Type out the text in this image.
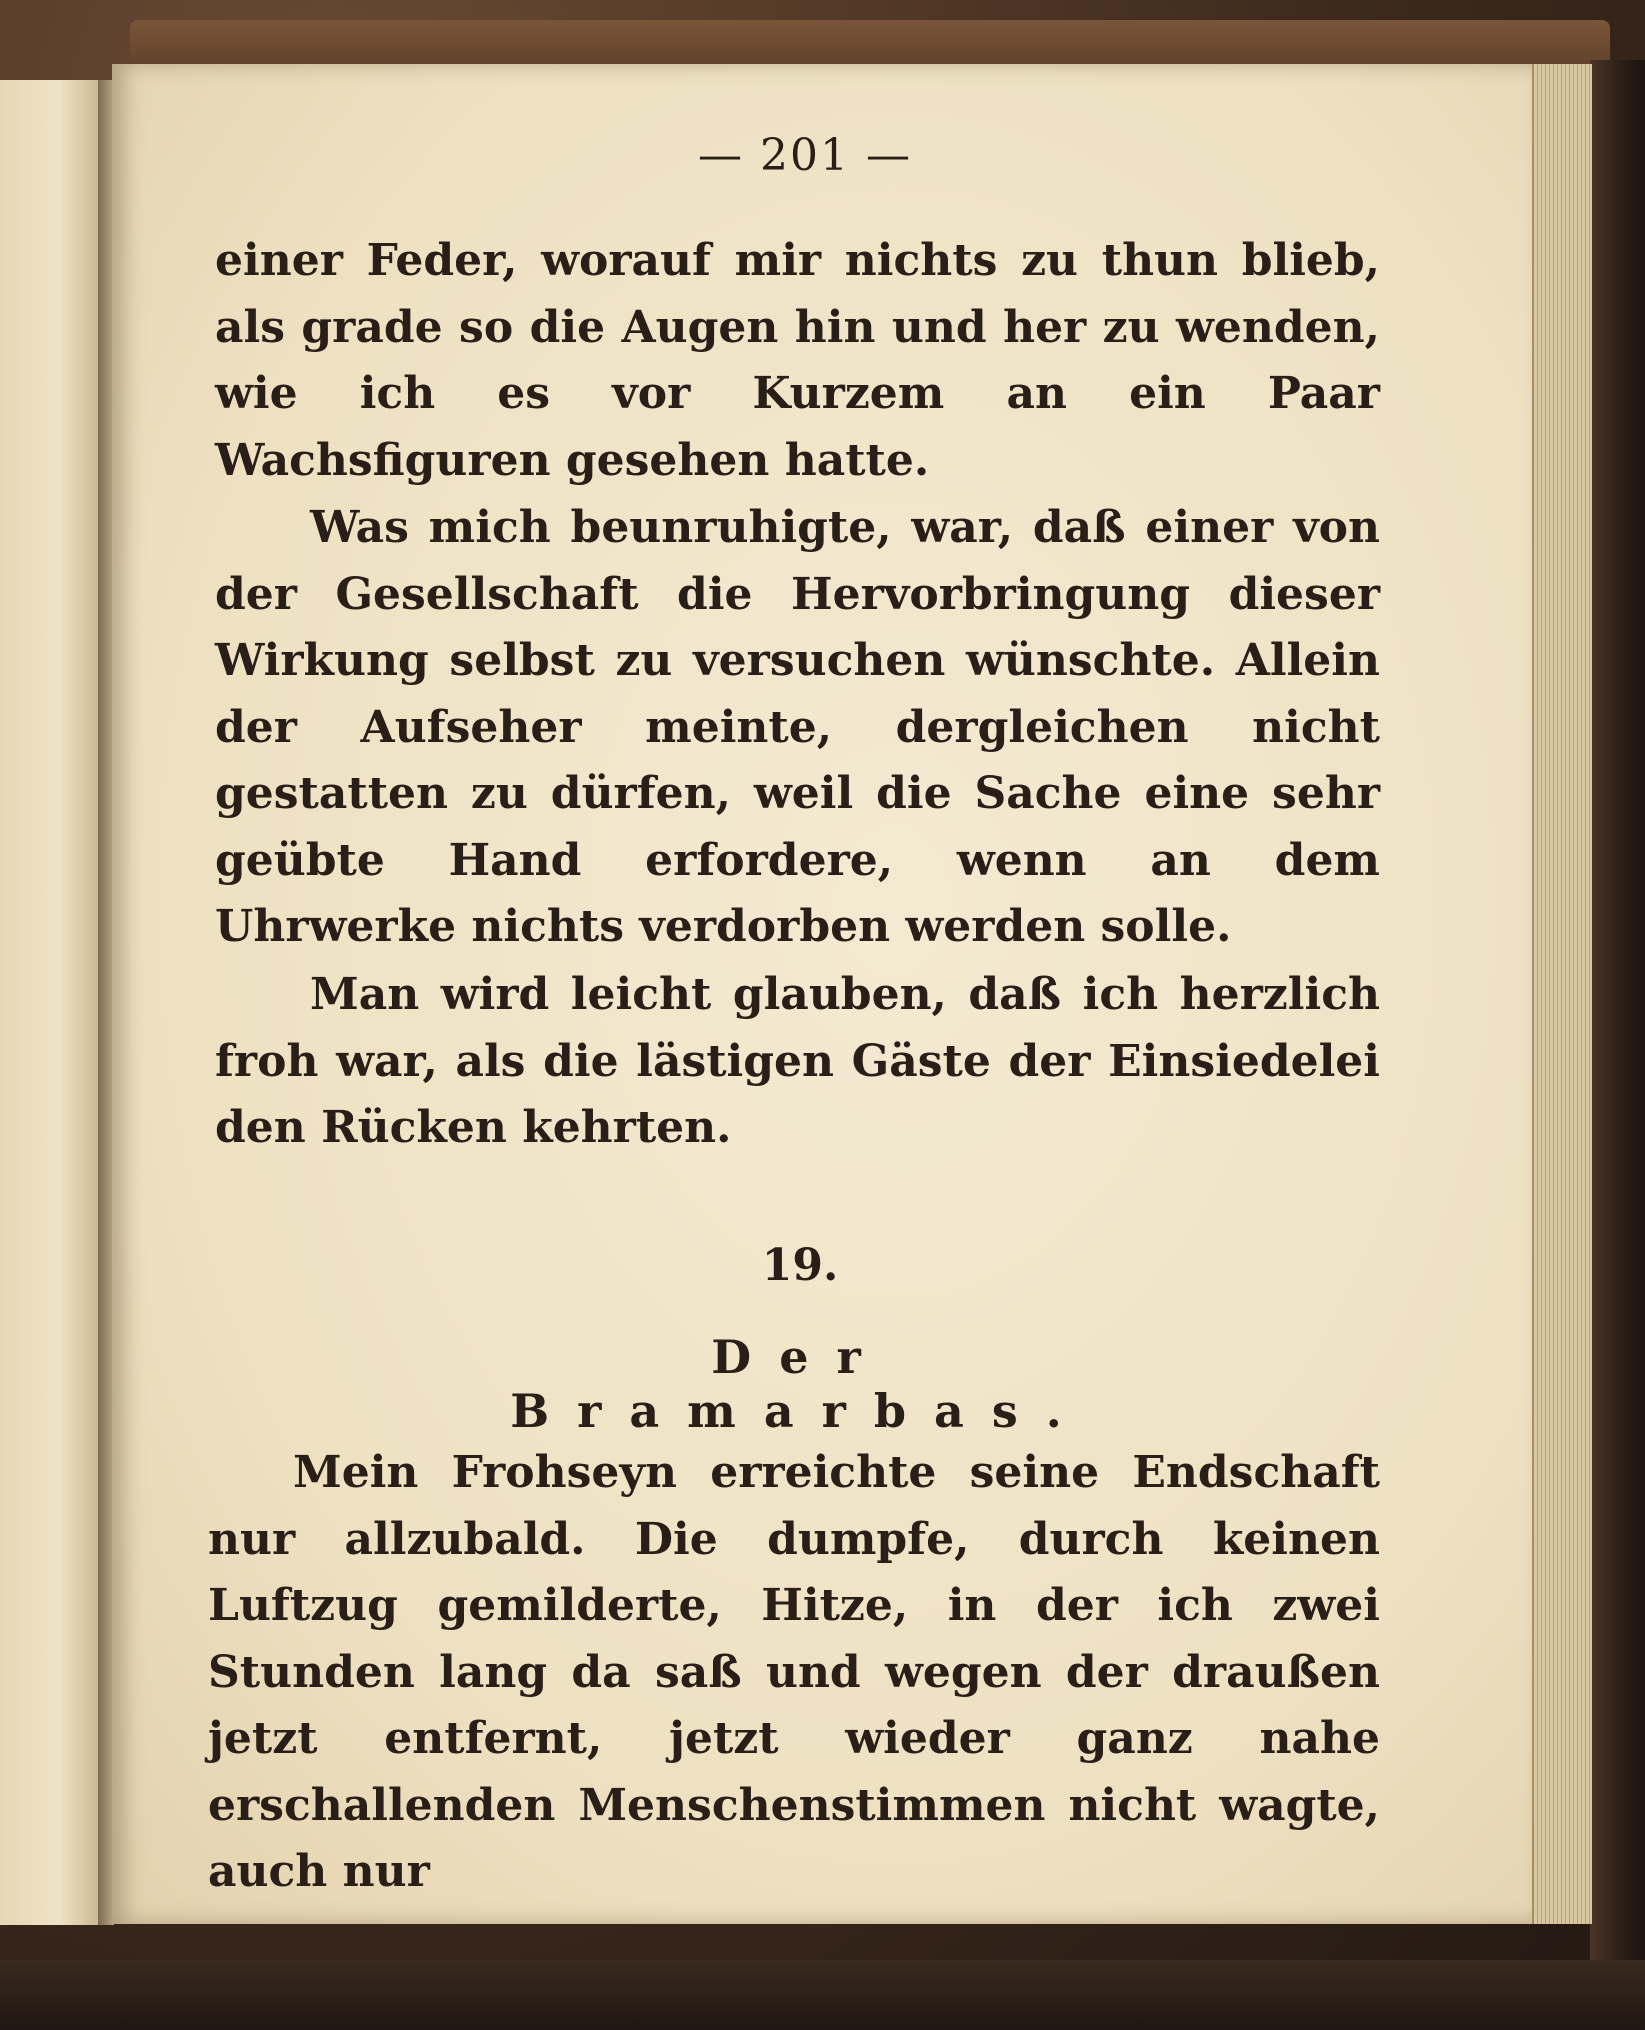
— 201 —

einer Feder, worauf mir nichts zu thun blieb, als grade so die Augen hin und her zu wenden, wie ich es vor Kurzem an ein Paar Wachsfiguren gesehen hatte.

Was mich beunruhigte, war, daß einer von der Gesellschaft die Hervorbringung dieser Wirkung selbst zu versuchen wünschte. Allein der Aufseher meinte, dergleichen nicht gestatten zu dürfen, weil die Sache eine sehr geübte Hand erfordere, wenn an dem Uhrwerke nichts verdorben werden solle.

Man wird leicht glauben, daß ich herzlich froh war, als die lästigen Gäste der Einsiedelei den Rücken kehrten.

19.
Der Bramarbas.

Mein Frohseyn erreichte seine Endschaft nur allzubald. Die dumpfe, durch keinen Luftzug gemilderte, Hitze, in der ich zwei Stunden lang da saß und wegen der draußen jetzt entfernt, jetzt wieder ganz nahe erschallenden Menschenstimmen nicht wagte, auch nur
